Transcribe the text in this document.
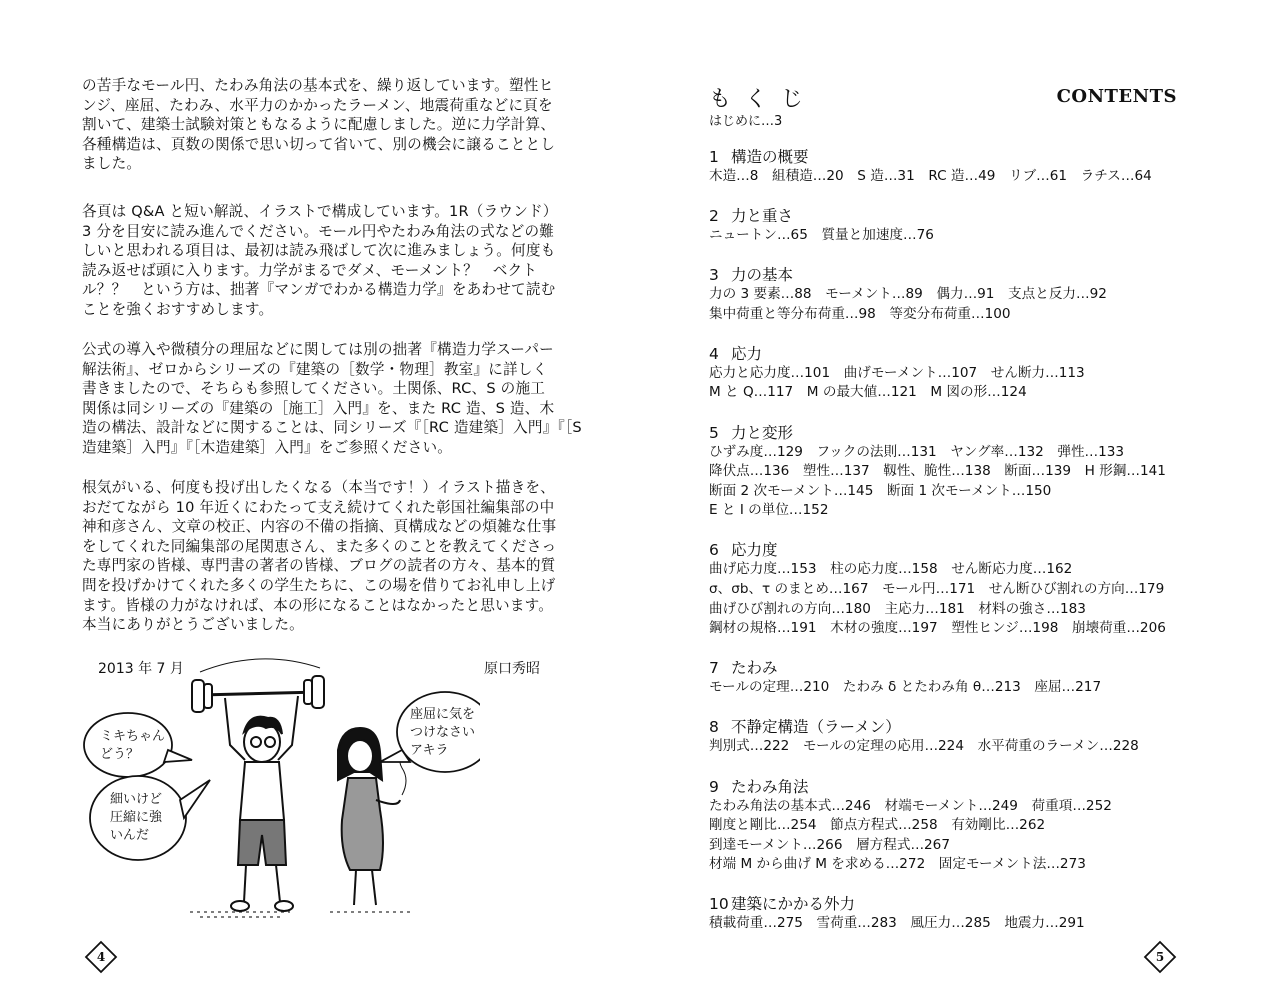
の苦手なモール円、たわみ角法の基本式を、繰り返しています。塑性ヒ
ンジ、座屈、たわみ、水平力のかかったラーメン、地震荷重などに頁を
割いて、建築士試験対策ともなるように配慮しました。逆に力学計算、
各種構造は、頁数の関係で思い切って省いて、別の機会に譲ることとし
ました。
各頁は Q&A と短い解説、イラストで構成しています。1R（ラウンド）
3 分を目安に読み進んでください。モール円やたわみ角法の式などの難
しいと思われる項目は、最初は読み飛ばして次に進みましょう。何度も
読み返せば頭に入ります。力学がまるでダメ、モーメント？　ベクト
ル？？　という方は、拙著『マンガでわかる構造力学』をあわせて読む
ことを強くおすすめします。
公式の導入や微積分の理屈などに関しては別の拙著『構造力学スーパー
解法術』、ゼロからシリーズの『建築の［数学・物理］教室』に詳しく
書きましたので、そちらも参照してください。土関係、RC、S の施工
関係は同シリーズの『建築の［施工］入門』を、また RC 造、S 造、木
造の構法、設計などに関することは、同シリーズ『［RC 造建築］入門』『［S
造建築］入門』『［木造建築］入門』をご参照ください。
根気がいる、何度も投げ出したくなる（本当です！）イラスト描きを、
おだてながら 10 年近くにわたって支え続けてくれた彰国社編集部の中
神和彦さん、文章の校正、内容の不備の指摘、頁構成などの煩雑な仕事
をしてくれた同編集部の尾関恵さん、また多くのことを教えてくださっ
た専門家の皆様、専門書の著者の皆様、ブログの読者の方々、基本的質
問を投げかけてくれた多くの学生たちに、この場を借りてお礼申し上げ
ます。皆様の力がなければ、本の形になることはなかったと思います。
本当にありがとうございました。
2013 年 7 月	原口秀昭
ミキちゃん
どう？
細いけど
圧縮に強
いんだ
座屈に気を
つけなさい
アキラ
4
もくじ	CONTENTS
はじめに…3
1 構造の概要
木造…8　組積造…20　S 造…31　RC 造…49　リブ…61　ラチス…64
2 力と重さ
ニュートン…65　質量と加速度…76
3 力の基本
力の 3 要素…88　モーメント…89　偶力…91　支点と反力…92
集中荷重と等分布荷重…98　等変分布荷重…100
4 応力
応力と応力度…101　曲げモーメント…107　せん断力…113
M と Q…117　M の最大値…121　M 図の形…124
5 力と変形
ひずみ度…129　フックの法則…131　ヤング率…132　弾性…133
降伏点…136　塑性…137　靱性、脆性…138　断面…139　H 形鋼…141
断面 2 次モーメント…145　断面 1 次モーメント…150
E と I の単位…152
6 応力度
曲げ応力度…153　柱の応力度…158　せん断応力度…162
σ、σb、τ のまとめ…167　モール円…171　せん断ひび割れの方向…179
曲げひび割れの方向…180　主応力…181　材料の強さ…183
鋼材の規格…191　木材の強度…197　塑性ヒンジ…198　崩壊荷重…206
7 たわみ
モールの定理…210　たわみ δ とたわみ角 θ…213　座屈…217
8 不静定構造（ラーメン）
判別式…222　モールの定理の応用…224　水平荷重のラーメン…228
9 たわみ角法
たわみ角法の基本式…246　材端モーメント…249　荷重項…252
剛度と剛比…254　節点方程式…258　有効剛比…262
到達モーメント…266　層方程式…267
材端 M から曲げ M を求める…272　固定モーメント法…273
10 建築にかかる外力
積載荷重…275　雪荷重…283　風圧力…285　地震力…291
5
